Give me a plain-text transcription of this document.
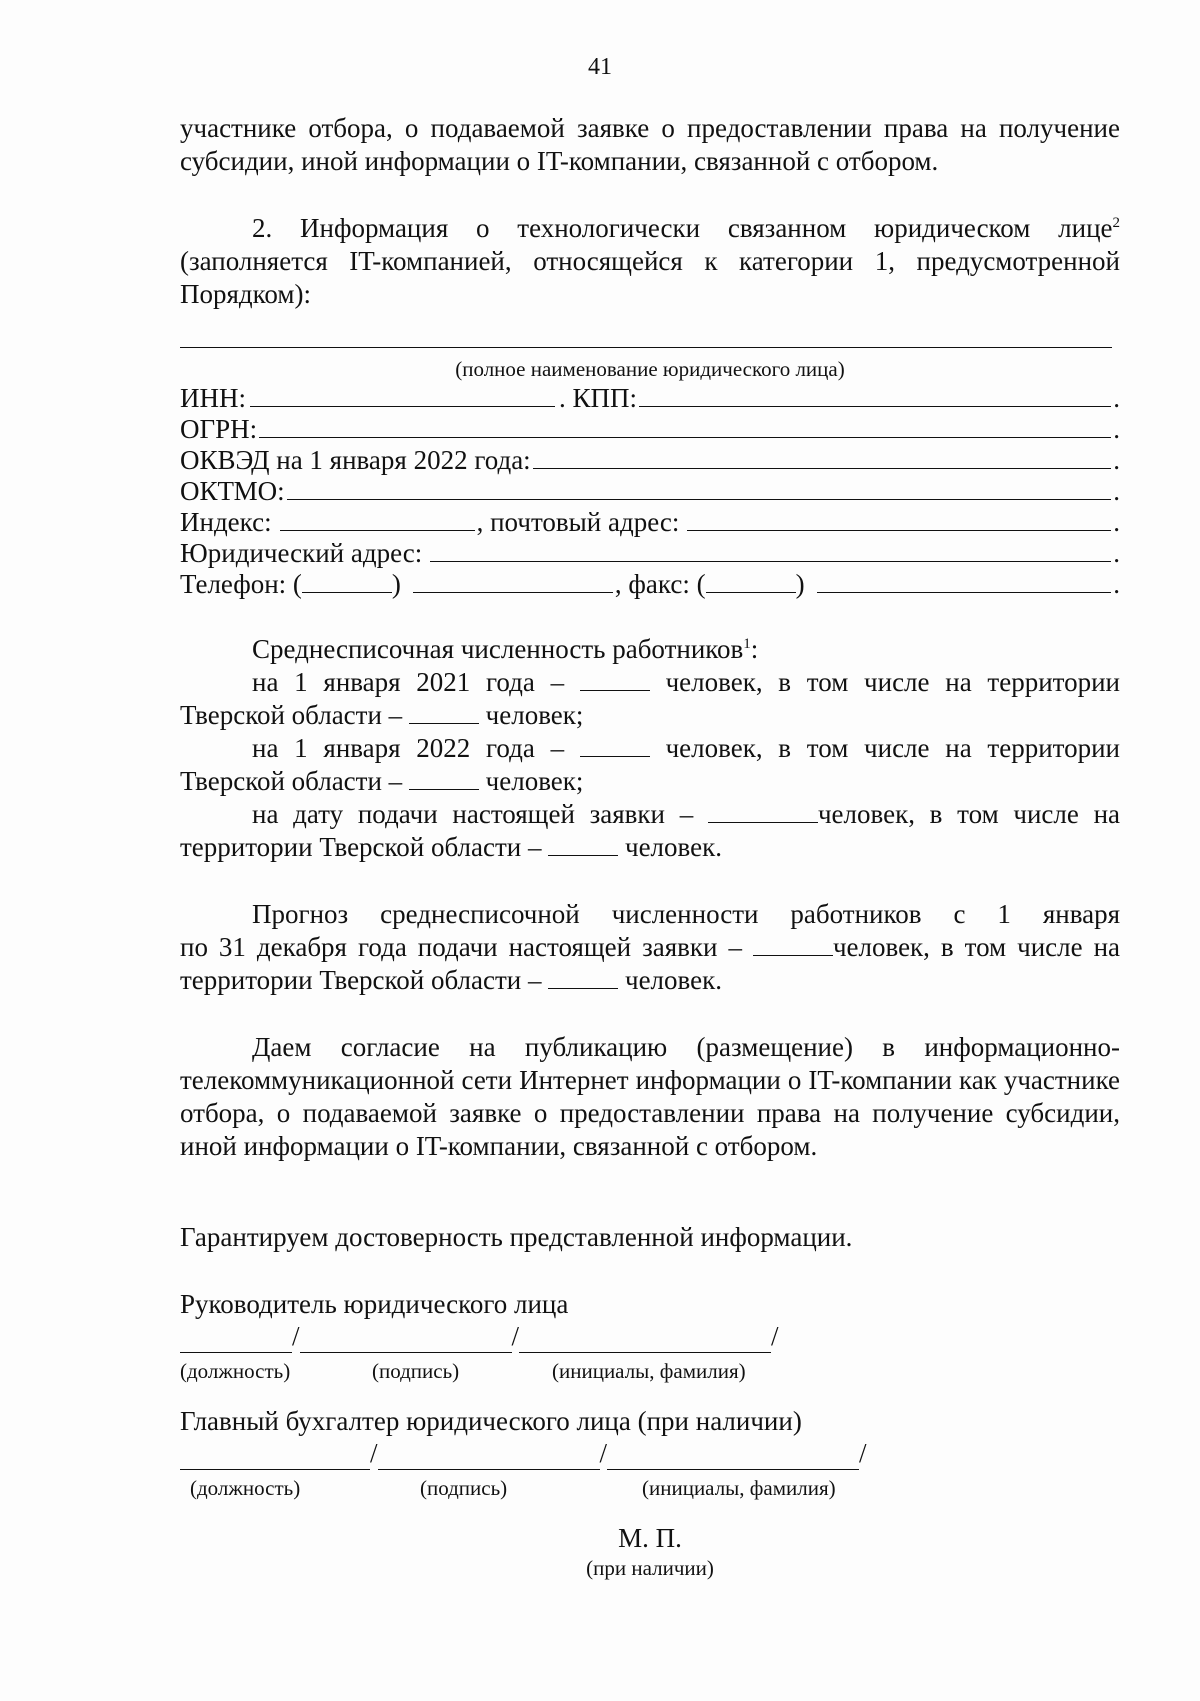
41

участнике отбора, о подаваемой заявке о предоставлении права на получение субсидии, иной информации о IT-компании, связанной с отбором.

2. Информация о технологически связанном юридическом лице$^2$ (заполняется IT-компанией, относящейся к категории 1, предусмотренной Порядком):

(полное наименование юридического лица)
ИНН:	. КПП:	.
ОГРН:	.
ОКВЭД на 1 января 2022 года:	.
ОКТМО:	.
Индекс:	, почтовый адрес:	.
Юридический адрес:	.
Телефон: (	)	, факс: (	)	.

Среднесписочная численность работников$^1$:

на 1 января 2021 года –	человек, в том числе на территории

Тверской области –	человек;

на 1 января 2022 года –	человек, в том числе на территории

Тверской области –	человек;

на дату подачи настоящей заявки –	человек, в том числе на

территории Тверской области –	человек.

Прогноз среднесписочной численности работников с 1 января

по 31 декабря года подачи настоящей заявки –	человек, в том числе на

территории Тверской области –	человек.

Даем согласие на публикацию (размещение) в информационно-телекоммуникационной сети Интернет информации о IT-компании как участнике отбора, о подаваемой заявке о предоставлении права на получение субсидии, иной информации о IT-компании, связанной с отбором.

Гарантируем достоверность представленной информации.

Руководитель юридического лица

/	/	/
(должность)	(подпись)	(инициалы, фамилия)

Главный бухгалтер юридического лица (при наличии)

/	/	/
(должность)	(подпись)	(инициалы, фамилия)
М. П.
(при наличии)
